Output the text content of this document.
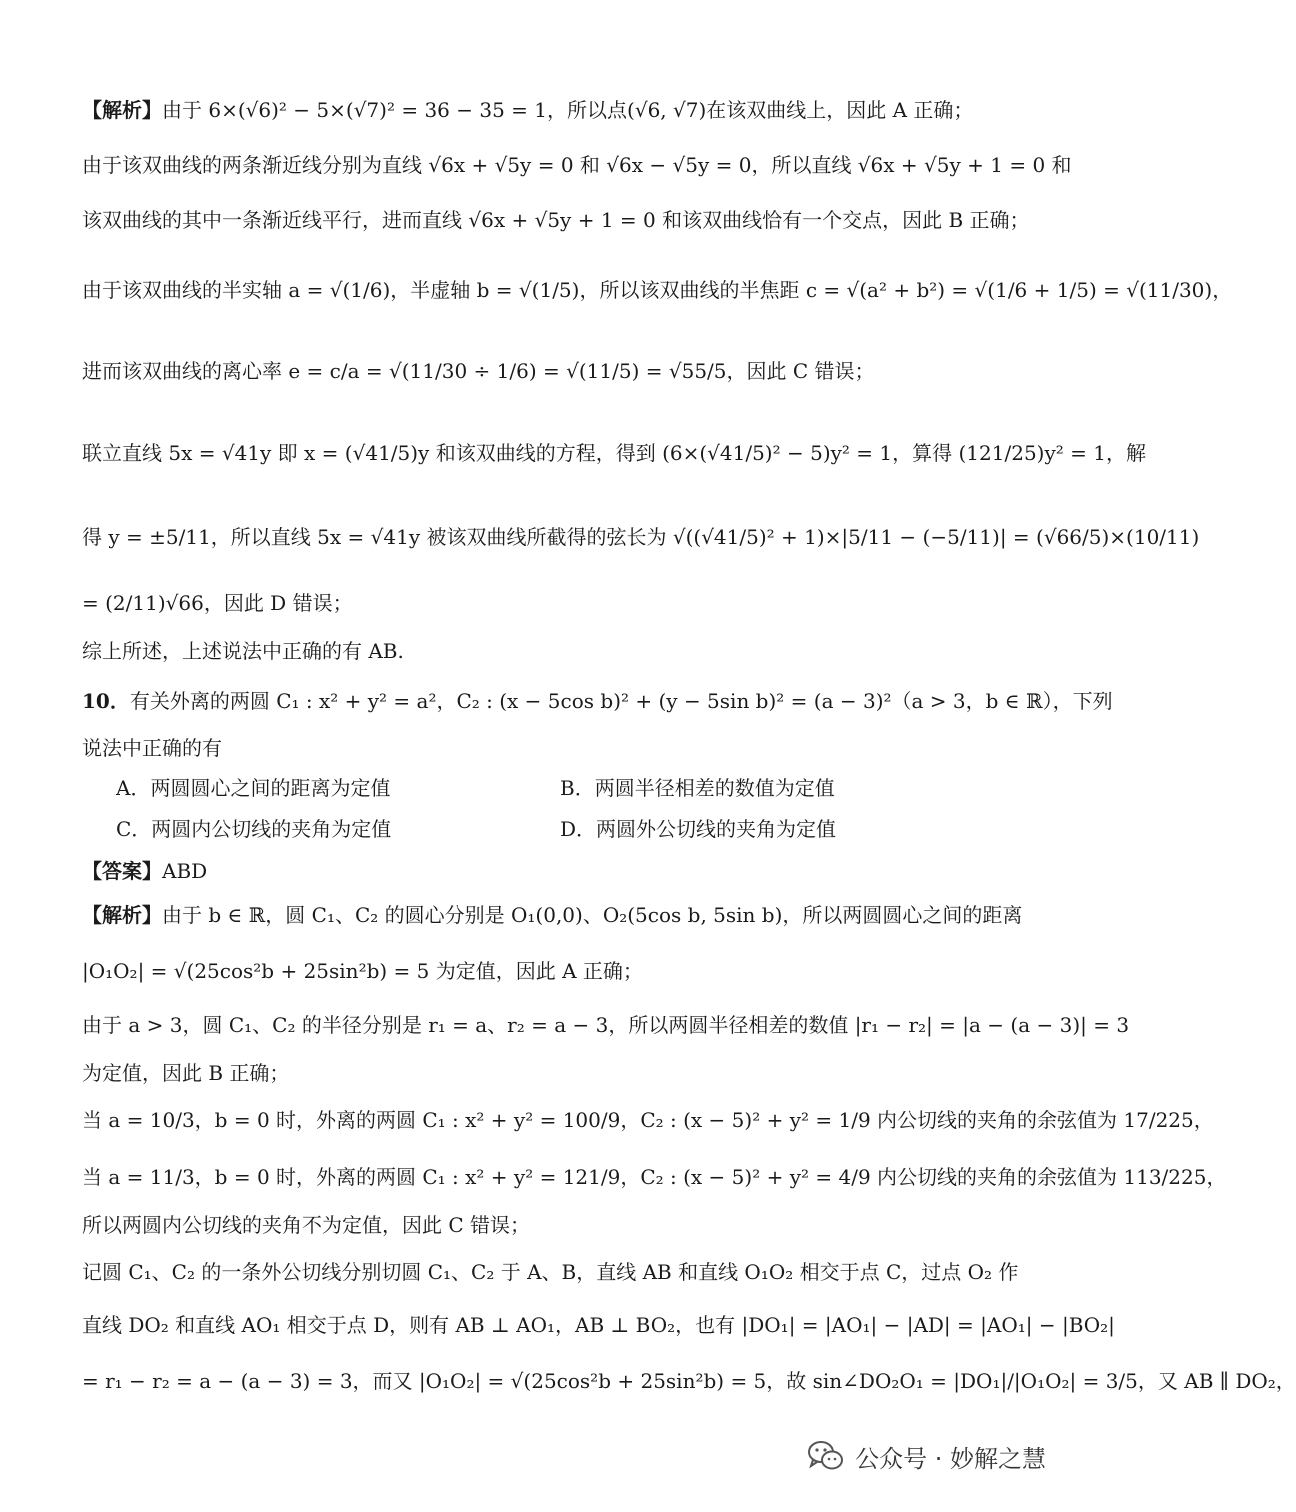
【解析】由于 6×(√6)² − 5×(√7)² = 36 − 35 = 1，所以点(√6, √7)在该双曲线上，因此 A 正确；
由于该双曲线的两条渐近线分别为直线 √6x + √5y = 0 和 √6x − √5y = 0，所以直线 √6x + √5y + 1 = 0 和
该双曲线的其中一条渐近线平行，进而直线 √6x + √5y + 1 = 0 和该双曲线恰有一个交点，因此 B 正确；
由于该双曲线的半实轴 a = √(1/6)，半虚轴 b = √(1/5)，所以该双曲线的半焦距 c = √(a² + b²) = √(1/6 + 1/5) = √(11/30)，
进而该双曲线的离心率 e = c/a = √(11/30 ÷ 1/6) = √(11/5) = √55/5，因此 C 错误；
联立直线 5x = √41y 即 x = (√41/5)y 和该双曲线的方程，得到 (6×(√41/5)² − 5)y² = 1，算得 (121/25)y² = 1，解
得 y = ±5/11，所以直线 5x = √41y 被该双曲线所截得的弦长为 √((√41/5)² + 1)×|5/11 − (−5/11)| = (√66/5)×(10/11)
= (2/11)√66，因此 D 错误；
综上所述，上述说法中正确的有 AB.
10．有关外离的两圆 C₁ : x² + y² = a²，C₂ : (x − 5cos b)² + (y − 5sin b)² = (a − 3)²（a > 3，b ∈ ℝ），下列
说法中正确的有
A．两圆圆心之间的距离为定值	B．两圆半径相差的数值为定值
C．两圆内公切线的夹角为定值	D．两圆外公切线的夹角为定值
【答案】ABD
【解析】由于 b ∈ ℝ，圆 C₁、C₂ 的圆心分别是 O₁(0,0)、O₂(5cos b, 5sin b)，所以两圆圆心之间的距离
|O₁O₂| = √(25cos²b + 25sin²b) = 5 为定值，因此 A 正确；
由于 a > 3，圆 C₁、C₂ 的半径分别是 r₁ = a、r₂ = a − 3，所以两圆半径相差的数值 |r₁ − r₂| = |a − (a − 3)| = 3
为定值，因此 B 正确；
当 a = 10/3，b = 0 时，外离的两圆 C₁ : x² + y² = 100/9，C₂ : (x − 5)² + y² = 1/9 内公切线的夹角的余弦值为 17/225，
当 a = 11/3，b = 0 时，外离的两圆 C₁ : x² + y² = 121/9，C₂ : (x − 5)² + y² = 4/9 内公切线的夹角的余弦值为 113/225，
所以两圆内公切线的夹角不为定值，因此 C 错误；
记圆 C₁、C₂ 的一条外公切线分别切圆 C₁、C₂ 于 A、B，直线 AB 和直线 O₁O₂ 相交于点 C，过点 O₂ 作
直线 DO₂ 和直线 AO₁ 相交于点 D，则有 AB ⊥ AO₁，AB ⊥ BO₂，也有 |DO₁| = |AO₁| − |AD| = |AO₁| − |BO₂|
= r₁ − r₂ = a − (a − 3) = 3，而又 |O₁O₂| = √(25cos²b + 25sin²b) = 5，故 sin∠DO₂O₁ = |DO₁|/|O₁O₂| = 3/5，又 AB ∥ DO₂，
公众号 · 妙解之慧
